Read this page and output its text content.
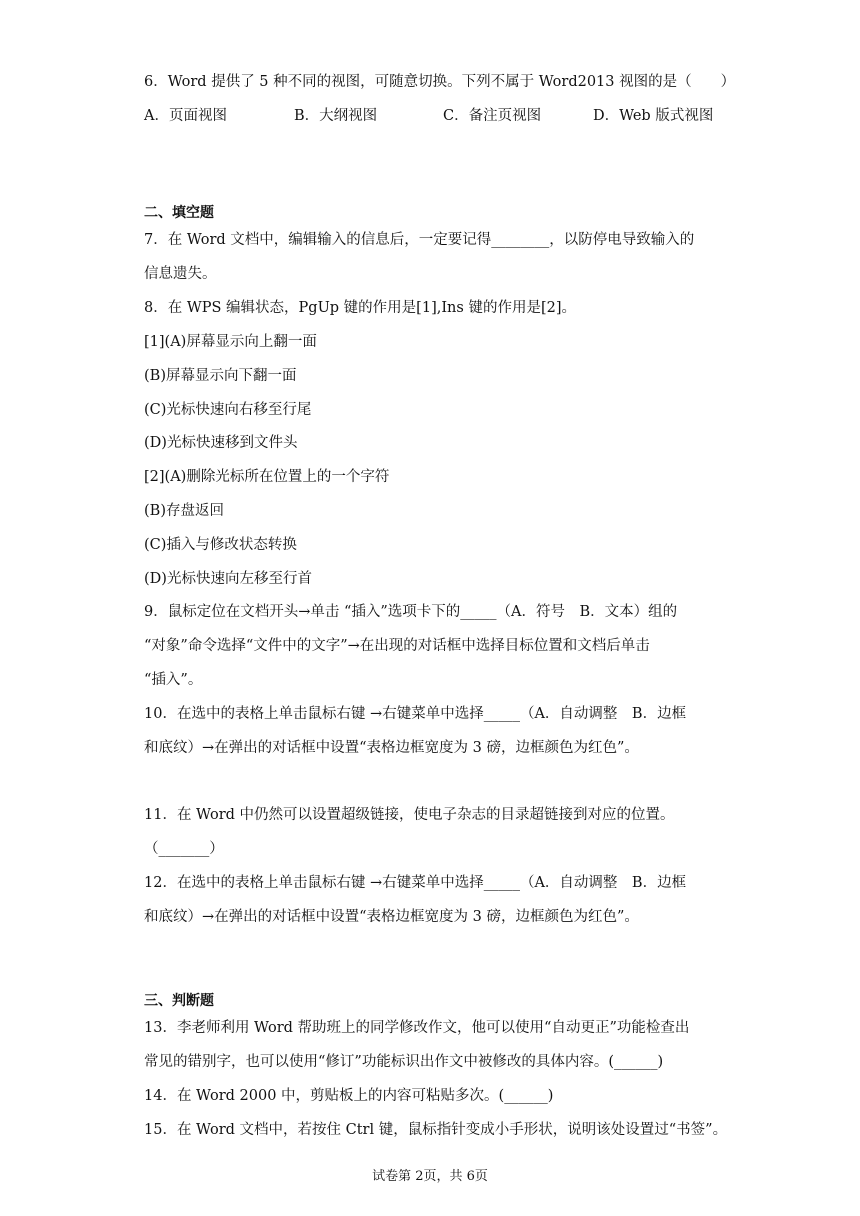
6．Word 提供了 5 种不同的视图，可随意切换。下列不属于 Word2013 视图的是（　　）
A．页面视图	B．大纲视图	C．备注页视图	D．Web 版式视图
二、填空题
7．在 Word 文档中，编辑输入的信息后，一定要记得________，以防停电导致输入的
信息遗失。
8．在 WPS 编辑状态，PgUp 键的作用是[1],Ins 键的作用是[2]。
[1](A)屏幕显示向上翻一面
(B)屏幕显示向下翻一面
(C)光标快速向右移至行尾
(D)光标快速移到文件头
[2](A)删除光标所在位置上的一个字符
(B)存盘返回
(C)插入与修改状态转换
(D)光标快速向左移至行首
9．鼠标定位在文档开头→单击 “插入”选项卡下的_____（A．符号　B．文本）组的
“对象”命令选择“文件中的文字”→在出现的对话框中选择目标位置和文档后单击
“插入”。
10．在选中的表格上单击鼠标右键 →右键菜单中选择_____（A．自动调整　B．边框
和底纹）→在弹出的对话框中设置“表格边框宽度为 3 磅，边框颜色为红色”。
11．在 Word 中仍然可以设置超级链接，使电子杂志的目录超链接到对应的位置。
（_______）
12．在选中的表格上单击鼠标右键 →右键菜单中选择_____（A．自动调整　B．边框
和底纹）→在弹出的对话框中设置“表格边框宽度为 3 磅，边框颜色为红色”。
三、判断题
13．李老师利用 Word 帮助班上的同学修改作文，他可以使用“自动更正”功能检查出
常见的错别字，也可以使用“修订”功能标识出作文中被修改的具体内容。(______)
14．在 Word 2000 中，剪贴板上的内容可粘贴多次。(______)
15．在 Word 文档中，若按住 Ctrl 键，鼠标指针变成小手形状，说明该处设置过“书签”。
试卷第 2页，共 6页
